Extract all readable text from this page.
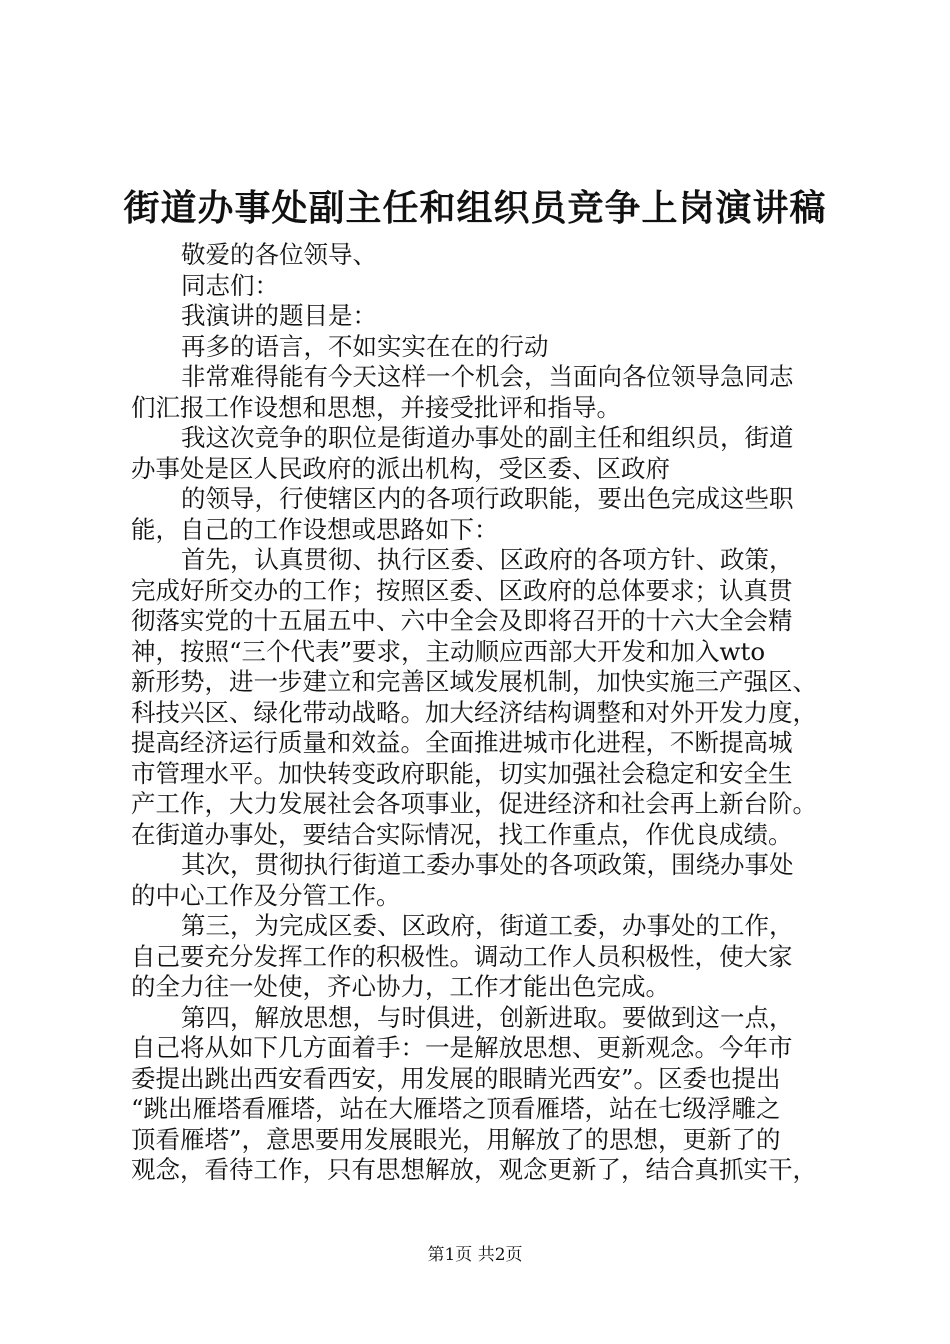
街道办事处副主任和组织员竞争上岗演讲稿
敬爱的各位领导、
同志们：
我演讲的题目是：
再多的语言，不如实实在在的行动
非常难得能有今天这样一个机会，当面向各位领导急同志
们汇报工作设想和思想，并接受批评和指导。
我这次竞争的职位是街道办事处的副主任和组织员，街道
办事处是区人民政府的派出机构，受区委、区政府
的领导，行使辖区内的各项行政职能，要出色完成这些职
能，自己的工作设想或思路如下：
首先，认真贯彻、执行区委、区政府的各项方针、政策，
完成好所交办的工作；按照区委、区政府的总体要求；认真贯
彻落实党的十五届五中、六中全会及即将召开的十六大全会精
神，按照“三个代表”要求，主动顺应西部大开发和加入wto
新形势，进一步建立和完善区域发展机制，加快实施三产强区、
科技兴区、绿化带动战略。加大经济结构调整和对外开发力度，
提高经济运行质量和效益。全面推进城市化进程，不断提高城
市管理水平。加快转变政府职能，切实加强社会稳定和安全生
产工作，大力发展社会各项事业，促进经济和社会再上新台阶。
在街道办事处，要结合实际情况，找工作重点，作优良成绩。
其次，贯彻执行街道工委办事处的各项政策，围绕办事处
的中心工作及分管工作。
第三，为完成区委、区政府，街道工委，办事处的工作，
自己要充分发挥工作的积极性。调动工作人员积极性，使大家
的全力往一处使，齐心协力，工作才能出色完成。
第四，解放思想，与时俱进，创新进取。要做到这一点，
自己将从如下几方面着手：一是解放思想、更新观念。今年市
委提出跳出西安看西安，用发展的眼睛光西安”。区委也提出
“跳出雁塔看雁塔，站在大雁塔之顶看雁塔，站在七级浮雕之
顶看雁塔”，意思要用发展眼光，用解放了的思想，更新了的
观念，看待工作，只有思想解放，观念更新了，结合真抓实干，
第1页 共2页
